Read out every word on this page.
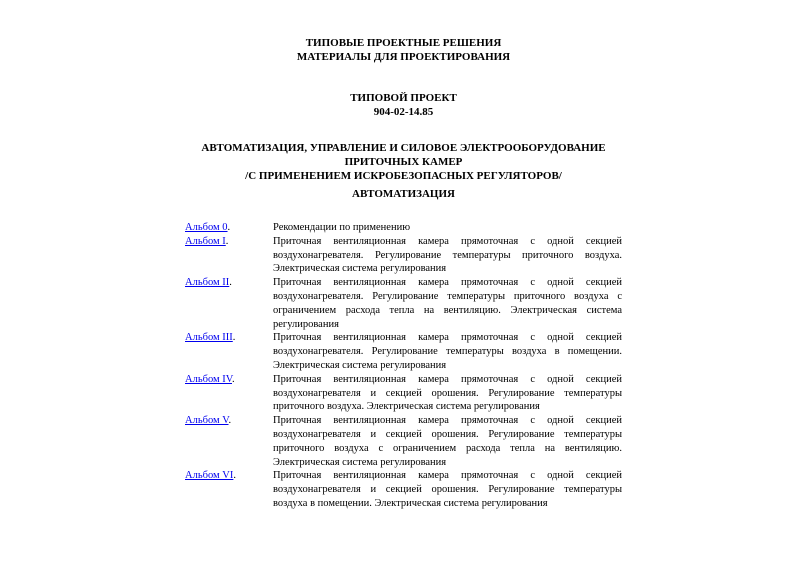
ТИПОВЫЕ ПРОЕКТНЫЕ РЕШЕНИЯ
МАТЕРИАЛЫ ДЛЯ ПРОЕКТИРОВАНИЯ
ТИПОВОЙ ПРОЕКТ
904-02-14.85
АВТОМАТИЗАЦИЯ, УПРАВЛЕНИЕ И СИЛОВОЕ ЭЛЕКТРООБОРУДОВАНИЕ
ПРИТОЧНЫХ КАМЕР
/С ПРИМЕНЕНИЕМ ИСКРОБЕЗОПАСНЫХ РЕГУЛЯТОРОВ/
АВТОМАТИЗАЦИЯ
Альбом 0.	Рекомендации по применению
Альбом I.	Приточная вентиляционная камера прямоточная с одной секцией воздухонагревателя. Регулирование температуры приточного воздуха. Электрическая система регулирования
Альбом II.	Приточная вентиляционная камера прямоточная с одной секцией воздухонагревателя. Регулирование температуры приточного воздуха с ограничением расхода тепла на вентиляцию. Электрическая система регулирования
Альбом III.	Приточная вентиляционная камера прямоточная с одной секцией воздухонагревателя. Регулирование температуры воздуха в помещении. Электрическая система регулирования
Альбом IV.	Приточная вентиляционная камера прямоточная с одной секцией воздухонагревателя и секцией орошения. Регулирование температуры приточного воздуха. Электрическая система регулирования
Альбом V.	Приточная вентиляционная камера прямоточная с одной секцией воздухонагревателя и секцией орошения. Регулирование температуры приточного воздуха с ограничением расхода тепла на вентиляцию. Электрическая система регулирования
Альбом VI.	Приточная вентиляционная камера прямоточная с одной секцией воздухонагревателя и секцией орошения. Регулирование температуры воздуха в помещении. Электрическая система регулирования
